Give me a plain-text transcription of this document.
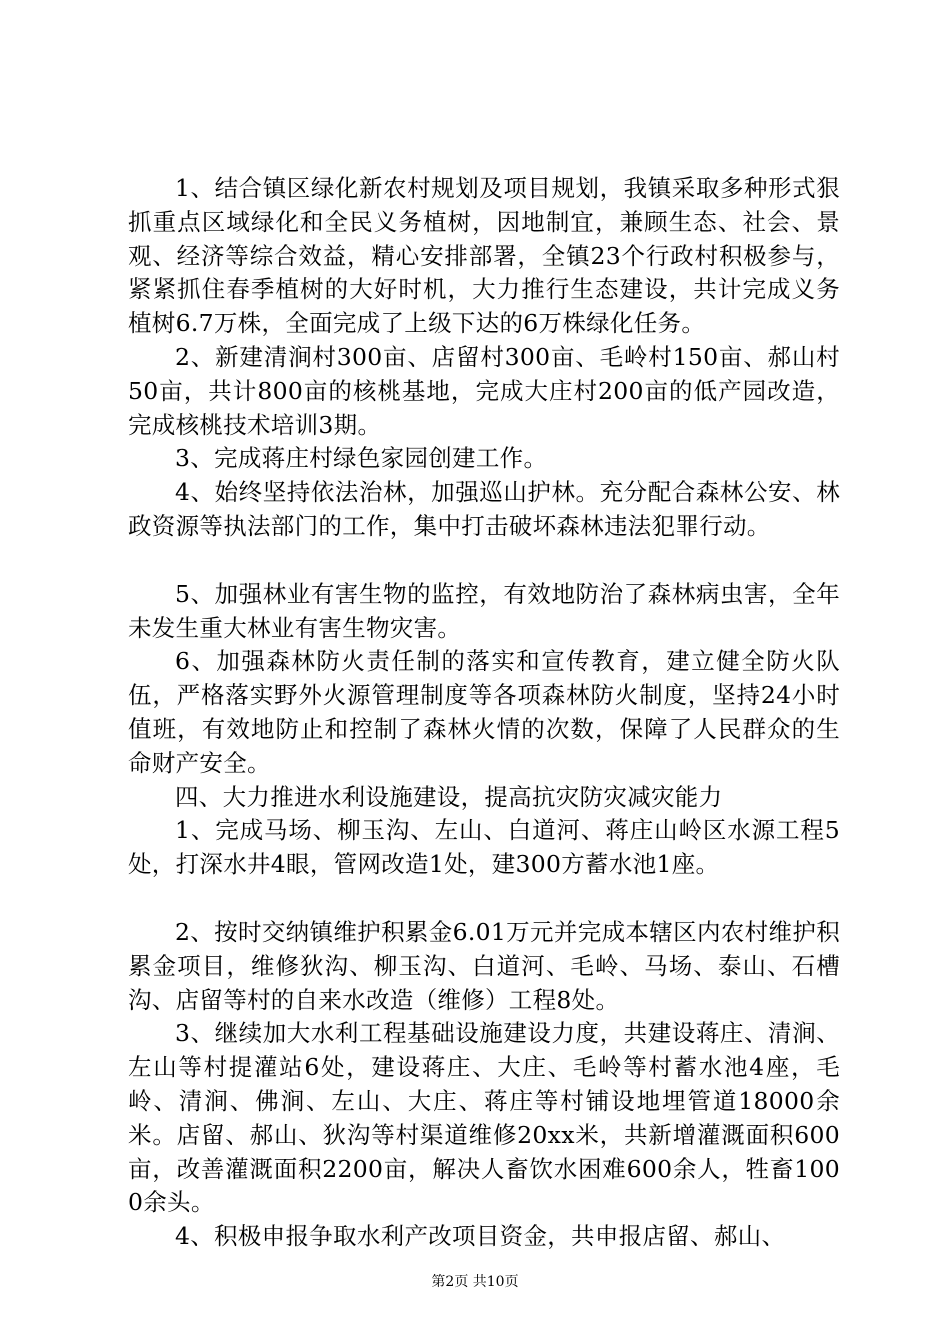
1、结合镇区绿化新农村规划及项目规划，我镇采取多种形式狠抓重点区域绿化和全民义务植树，因地制宜，兼顾生态、社会、景观、经济等综合效益，精心安排部署，全镇23个行政村积极参与，紧紧抓住春季植树的大好时机，大力推行生态建设，共计完成义务植树6.7万株，全面完成了上级下达的6万株绿化任务。

2、新建清涧村300亩、店留村300亩、毛岭村150亩、郝山村50亩，共计800亩的核桃基地，完成大庄村200亩的低产园改造，完成核桃技术培训3期。

3、完成蒋庄村绿色家园创建工作。

4、始终坚持依法治林，加强巡山护林。充分配合森林公安、林政资源等执法部门的工作，集中打击破坏森林违法犯罪行动。

5、加强林业有害生物的监控，有效地防治了森林病虫害，全年未发生重大林业有害生物灾害。

6、加强森林防火责任制的落实和宣传教育，建立健全防火队伍，严格落实野外火源管理制度等各项森林防火制度，坚持24小时值班，有效地防止和控制了森林火情的次数，保障了人民群众的生命财产安全。

四、大力推进水利设施建设，提高抗灾防灾减灾能力

1、完成马场、柳玉沟、左山、白道河、蒋庄山岭区水源工程5处，打深水井4眼，管网改造1处，建300方蓄水池1座。

2、按时交纳镇维护积累金6.01万元并完成本辖区内农村维护积累金项目，维修狄沟、柳玉沟、白道河、毛岭、马场、泰山、石槽沟、店留等村的自来水改造（维修）工程8处。

3、继续加大水利工程基础设施建设力度，共建设蒋庄、清涧、左山等村提灌站6处，建设蒋庄、大庄、毛岭等村蓄水池4座，毛岭、清涧、佛涧、左山、大庄、蒋庄等村铺设地埋管道18000余米。店留、郝山、狄沟等村渠道维修20xx米，共新增灌溉面积600亩，改善灌溉面积2200亩，解决人畜饮水困难600余人，牲畜1000余头。

4、积极申报争取水利产改项目资金，共申报店留、郝山、

第2页 共10页
